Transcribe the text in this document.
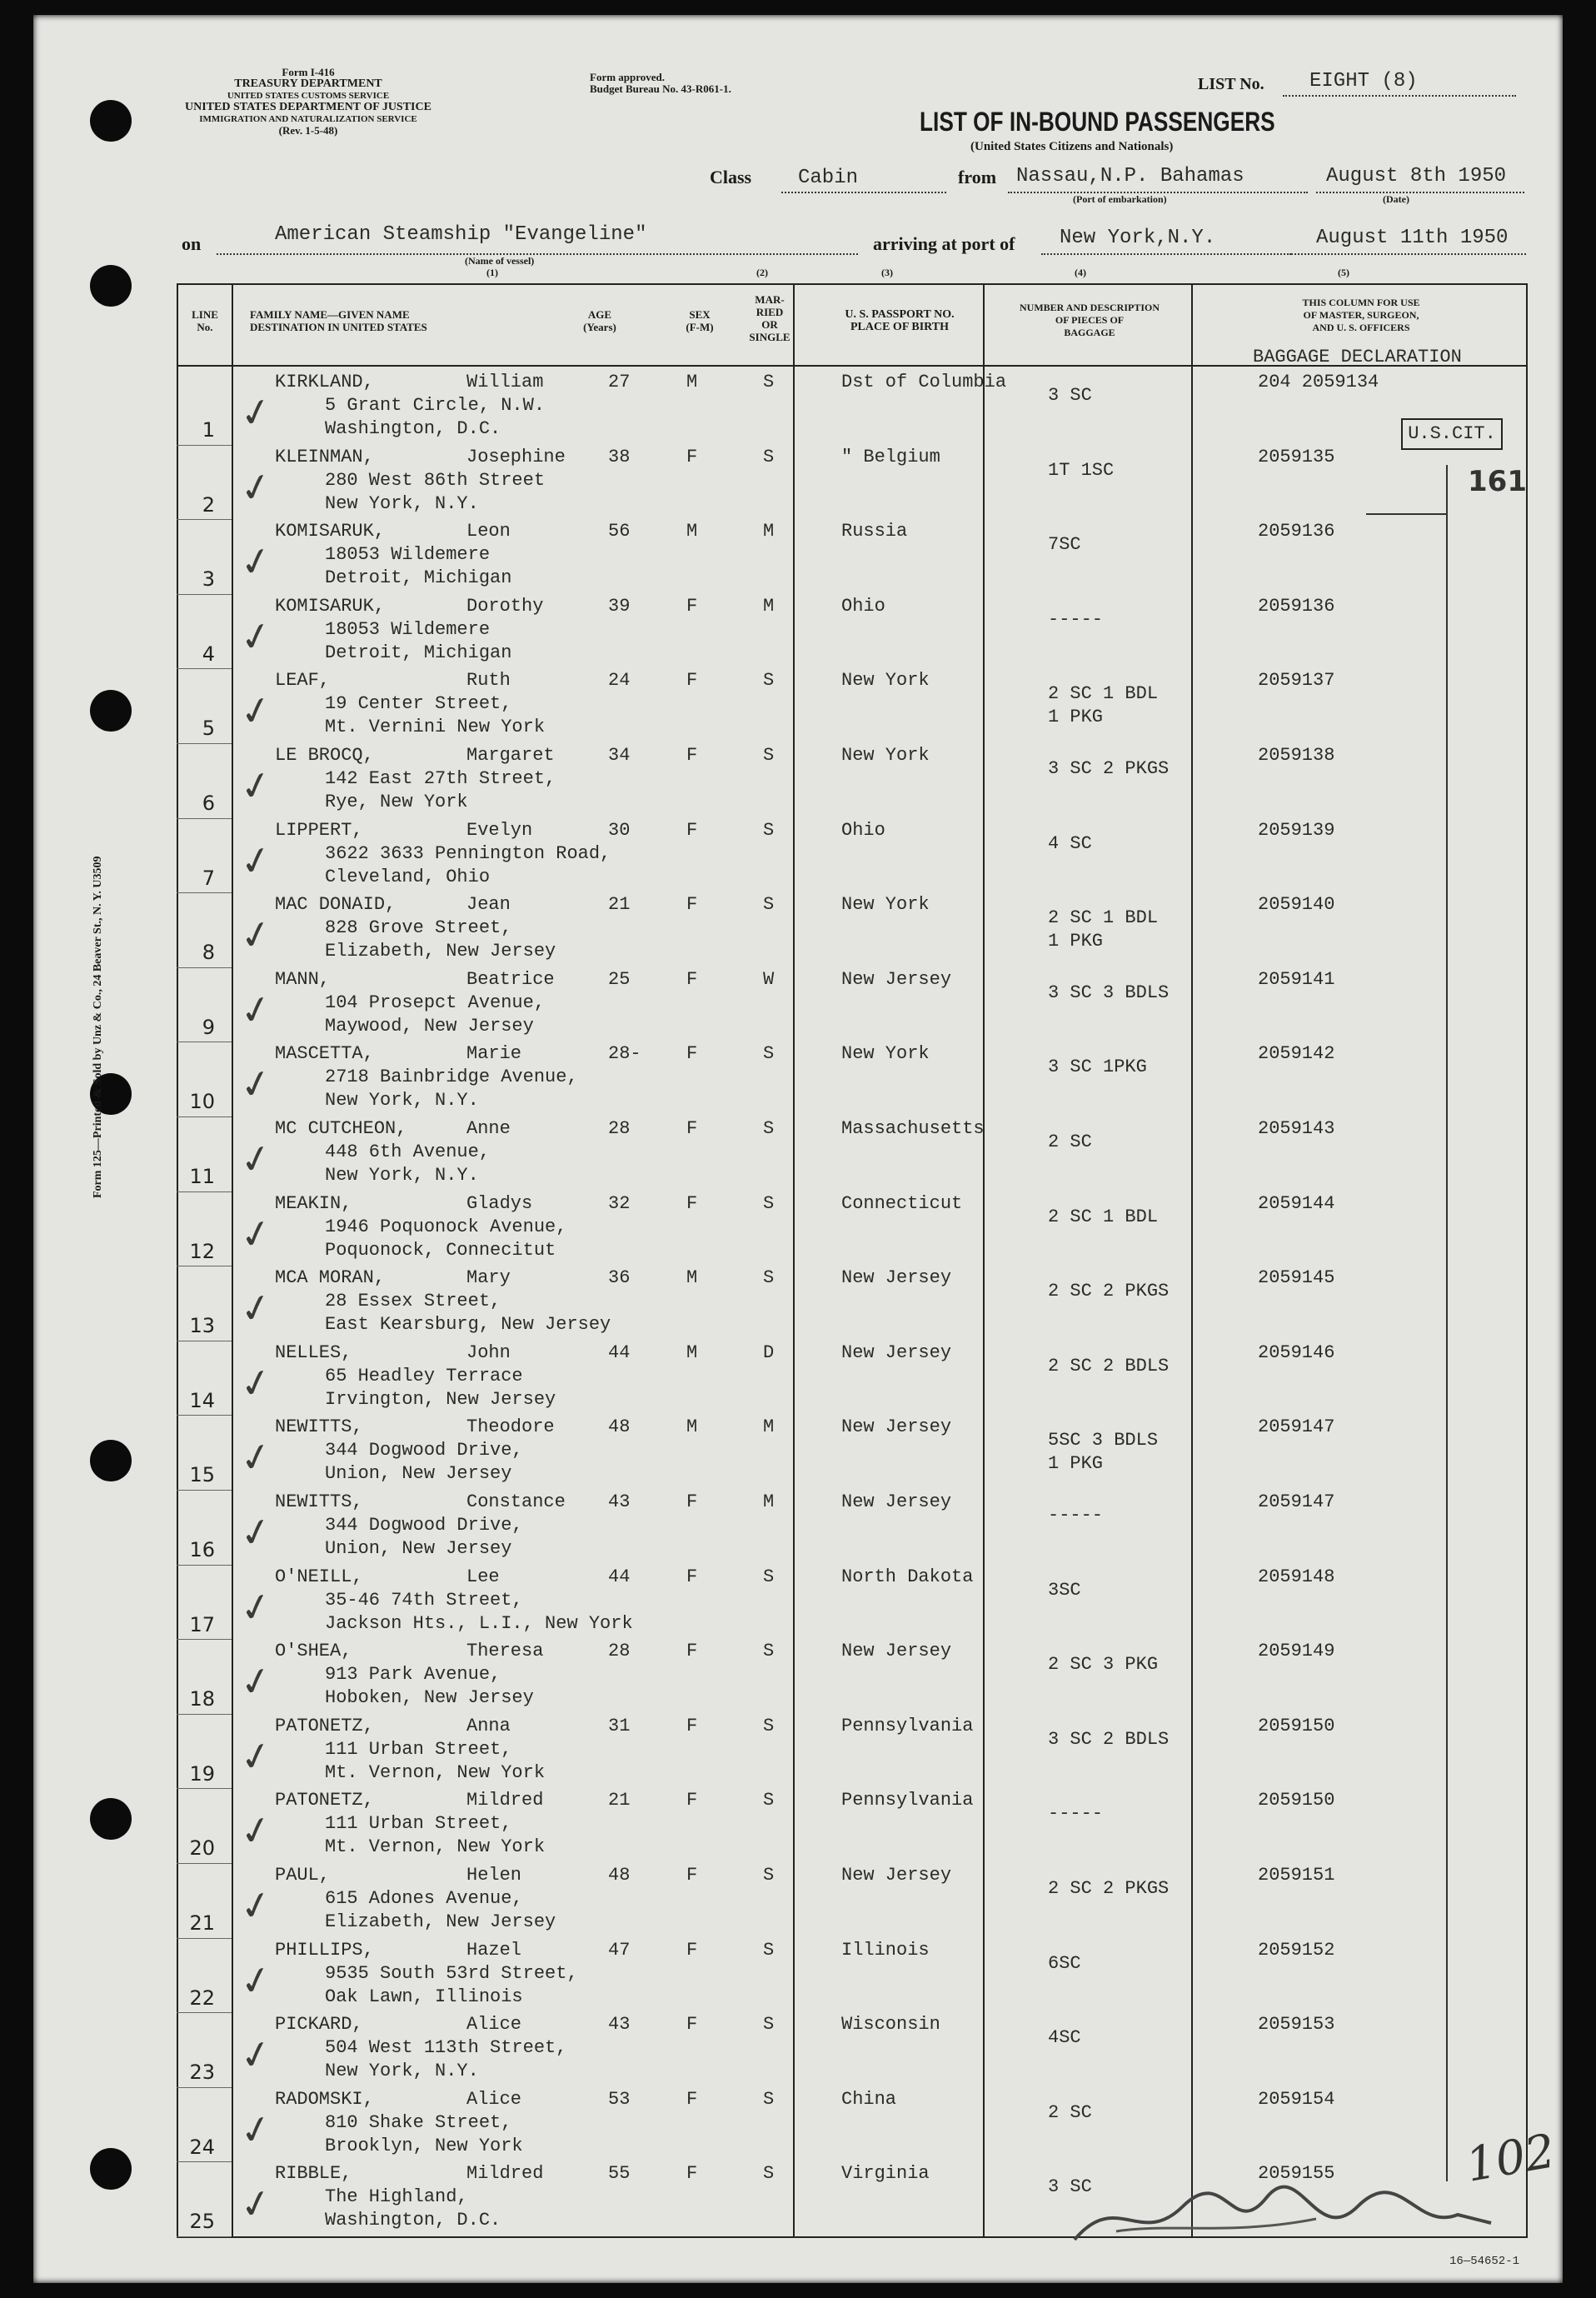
Form 125—Printed & Sold by Unz & Co., 24 Beaver St., N. Y. U3509
Form I-416
TREASURY DEPARTMENT
UNITED STATES CUSTOMS SERVICE
UNITED STATES DEPARTMENT OF JUSTICE
IMMIGRATION AND NATURALIZATION SERVICE
(Rev. 1-5-48)
Form approved.
Budget Bureau No. 43-R061-1.	LIST No. EIGHT (8)
LIST OF IN-BOUND PASSENGERS
(United States Citizens and Nationals)
Class Cabin	from Nassau,N.P. Bahamas
(Port of embarkation)
August 8th 1950
(Date)
on	American Steamship "Evangeline"
(Name of vessel)
arriving at port of New York,N.Y.	August 11th 1950
(1)	(2)	(3)	(4)	(5)
LINE
No.
FAMILY NAME—GIVEN NAME
DESTINATION IN UNITED STATES
AGE
(Years)
SEX
(F-M)
MAR-
RIED
OR
SINGLE
U. S. PASSPORT NO.
PLACE OF BIRTH
NUMBER AND DESCRIPTION
OF PIECES OF
BAGGAGE
THIS COLUMN FOR USE
OF MASTER, SURGEON,
AND U. S. OFFICERS
BAGGAGE DECLARATION
U.S.CIT.
161
102
16—54652-1
1
KIRKLAND,	William
5 Grant Circle, N.W.
Washington, D.C.
27	M	S	Dst of Columbia
3 SC
204 2059134
✓
2
KLEINMAN,	Josephine
280 West 86th Street
New York, N.Y.
38	F	S	" Belgium
1T 1SC
2059135
✓
3
KOMISARUK,	Leon
18053 Wildemere
Detroit, Michigan
56	M	M	Russia
7SC
2059136
✓
4
KOMISARUK,	Dorothy
18053 Wildemere
Detroit, Michigan
39	F	M	Ohio
-----
2059136
✓
5
LEAF,	Ruth
19 Center Street,
Mt. Vernini New York
24	F	S	New York
2 SC 1 BDL
1 PKG
2059137
✓
6
LE BROCQ,	Margaret
142 East 27th Street,
Rye, New York
34	F	S	New York
3 SC 2 PKGS
2059138
✓
7
LIPPERT,	Evelyn
3622 3633 Pennington Road,
Cleveland, Ohio
30	F	S	Ohio
4 SC
2059139
✓
8
MAC DONAID,	Jean
828 Grove Street,
Elizabeth, New Jersey
21	F	S	New York
2 SC 1 BDL
1 PKG
2059140
✓
9
MANN,	Beatrice
104 Prosepct Avenue,
Maywood, New Jersey
25	F	W	New Jersey
3 SC 3 BDLS
2059141
✓
10
MASCETTA,	Marie
2718 Bainbridge Avenue,
New York, N.Y.
28- F	S	New York
3 SC 1PKG
2059142
✓
11
MC CUTCHEON,	Anne
448 6th Avenue,
New York, N.Y.
28	F	S	Massachusetts
2 SC
2059143
✓
12
MEAKIN,	Gladys
1946 Poquonock Avenue,
Poquonock, Connecitut
32	F	S	Connecticut
2 SC 1 BDL
2059144
✓
13
MCA MORAN,	Mary
28 Essex Street,
East Kearsburg, New Jersey
36	M	S	New Jersey
2 SC 2 PKGS
2059145
✓
14
NELLES,	John
65 Headley Terrace
Irvington, New Jersey
44	M	D	New Jersey
2 SC 2 BDLS
2059146
✓
15
NEWITTS,	Theodore
344 Dogwood Drive,
Union, New Jersey
48	M	M	New Jersey
5SC 3 BDLS
1 PKG
2059147
✓
16
NEWITTS,	Constance
344 Dogwood Drive,
Union, New Jersey
43	F	M	New Jersey
-----
2059147
✓
17
O'NEILL,	Lee
35-46 74th Street,
Jackson Hts., L.I., New York
44	F	S	North Dakota
3SC
2059148
✓
18
O'SHEA,	Theresa
913 Park Avenue,
Hoboken, New Jersey
28	F	S	New Jersey
2 SC 3 PKG
2059149
✓
19
PATONETZ,	Anna
111 Urban Street,
Mt. Vernon, New York
31	F	S	Pennsylvania
3 SC 2 BDLS
2059150
✓
20
PATONETZ,	Mildred
111 Urban Street,
Mt. Vernon, New York
21	F	S	Pennsylvania
-----
2059150
✓
21
PAUL,	Helen
615 Adones Avenue,
Elizabeth, New Jersey
48	F	S	New Jersey
2 SC 2 PKGS
2059151
✓
22
PHILLIPS,	Hazel
9535 South 53rd Street,
Oak Lawn, Illinois
47	F	S	Illinois
6SC
2059152
✓
23
PICKARD,	Alice
504 West 113th Street,
New York, N.Y.
43	F	S	Wisconsin
4SC
2059153
✓
24
RADOMSKI,	Alice
810 Shake Street,
Brooklyn, New York
53	F	S	China
2 SC
2059154
✓
25
RIBBLE,	Mildred
The Highland,
Washington, D.C.
55	F	S	Virginia
3 SC
2059155
✓
